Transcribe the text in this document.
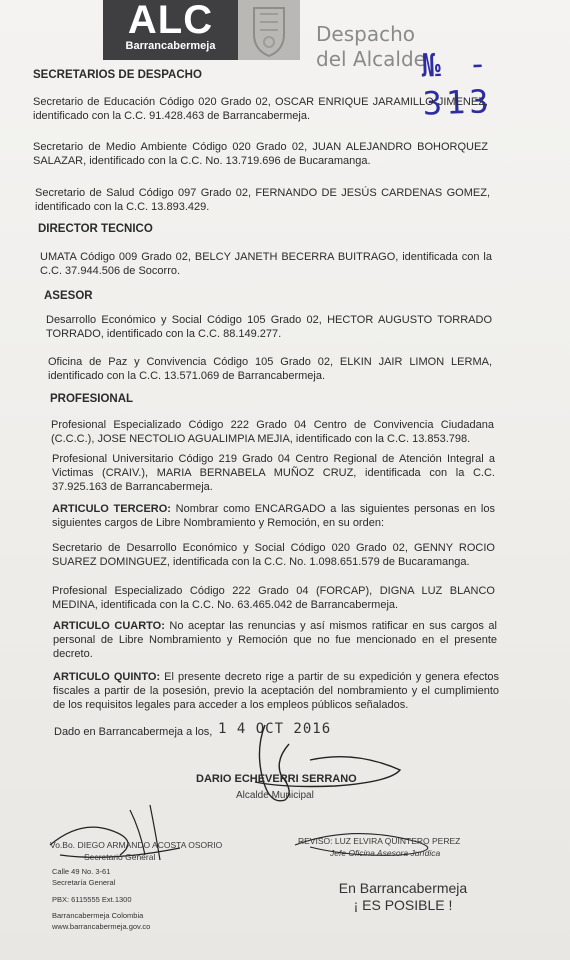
ALC
Barrancabermeja	Despacho
del Alcalde
№ - 313
SECRETARIOS DE DESPACHO
Secretario de Educación Código 020 Grado 02, OSCAR ENRIQUE JARAMILLO JIMENEZ, identificado con la C.C. 91.428.463 de Barrancabermeja.
Secretario de Medio Ambiente Código 020 Grado 02, JUAN ALEJANDRO BOHORQUEZ SALAZAR, identificado con la C.C. No. 13.719.696 de Bucaramanga.
Secretario de Salud Código 097 Grado 02, FERNANDO DE JESÚS CARDENAS GOMEZ, identificado con la C.C. 13.893.429.
DIRECTOR TECNICO
UMATA Código 009 Grado 02, BELCY JANETH BECERRA BUITRAGO, identificada con la C.C. 37.944.506 de Socorro.
ASESOR
Desarrollo Económico y Social Código 105 Grado 02, HECTOR AUGUSTO TORRADO TORRADO, identificado con la C.C. 88.149.277.
Oficina de Paz y Convivencia Código 105 Grado 02, ELKIN JAIR LIMON LERMA, identificado con la C.C. 13.571.069 de Barrancabermeja.
PROFESIONAL
Profesional Especializado Código 222 Grado 04 Centro de Convivencia Ciudadana (C.C.C.), JOSE NECTOLIO AGUALIMPIA MEJIA, identificado con la C.C. 13.853.798.
Profesional Universitario Código 219 Grado 04 Centro Regional de Atención Integral a Victimas (CRAIV.), MARIA BERNABELA MUÑOZ CRUZ, identificada con la C.C. 37.925.163 de Barrancabermeja.
ARTICULO TERCERO: Nombrar como ENCARGADO a las siguientes personas en los siguientes cargos de Libre Nombramiento y Remoción, en su orden:
Secretario de Desarrollo Económico y Social Código 020 Grado 02, GENNY ROCIO SUAREZ DOMINGUEZ, identificada con la C.C. No. 1.098.651.579 de Bucaramanga.
Profesional Especializado Código 222 Grado 04 (FORCAP), DIGNA LUZ BLANCO MEDINA, identificada con la C.C. No. 63.465.042 de Barrancabermeja.
ARTICULO CUARTO: No aceptar las renuncias y así mismos ratificar en sus cargos al personal de Libre Nombramiento y Remoción que no fue mencionado en el presente decreto.
ARTICULO QUINTO: El presente decreto rige a partir de su expedición y genera efectos fiscales a partir de la posesión, previo la aceptación del nombramiento y el cumplimiento de los requisitos legales para acceder a los empleos públicos señalados.
Dado en Barrancabermeja a los, 1 4 OCT 2016
DARIO ECHEVERRI SERRANO
Alcalde Municipal
Vo.Bo. DIEGO ARMANDO ACOSTA OSORIO
Secretario General
REVISO: LUZ ELVIRA QUINTERO PEREZ
Jefe Oficina Asesora Jurídica
Calle 49 No. 3-61
Secretaría General
PBX: 6115555 Ext.1300
Barrancabermeja Colombia
www.barrancabermeja.gov.co
En Barrancabermeja
¡ ES POSIBLE !
